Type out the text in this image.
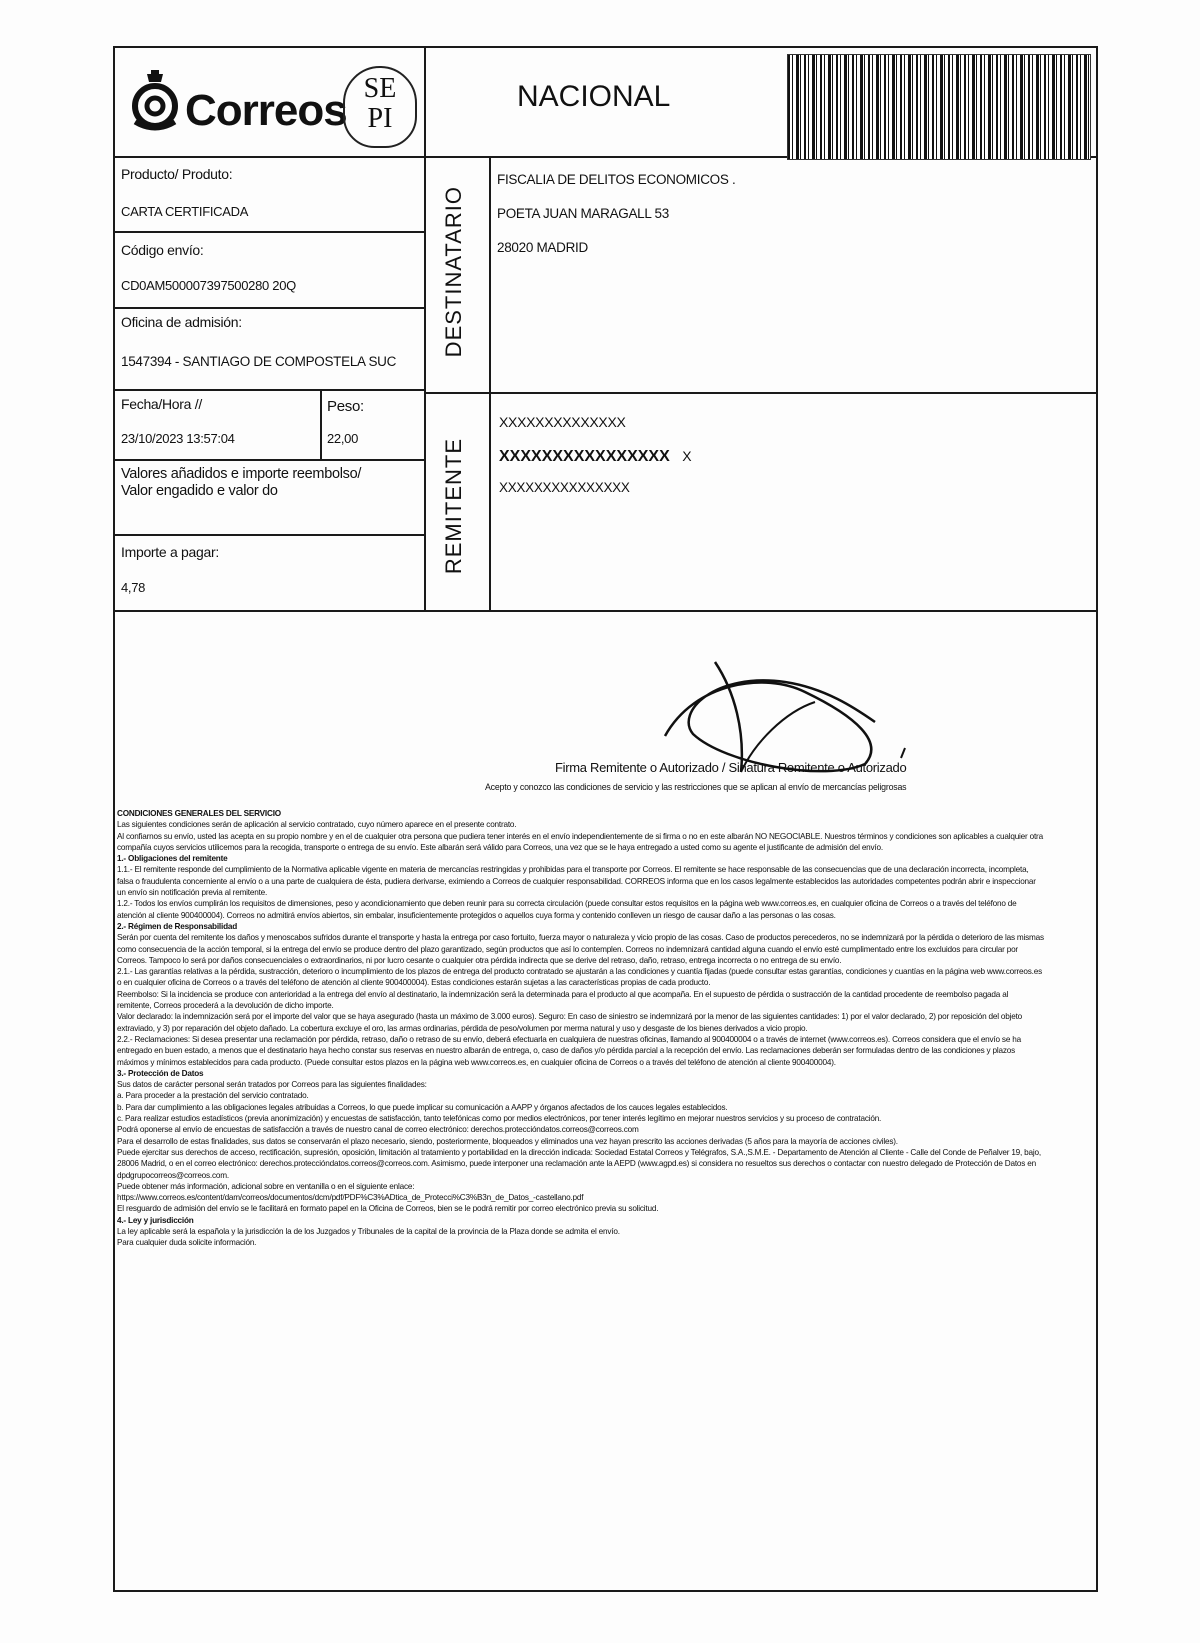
Correos SE
PI
NACIONAL
Producto/ Produto:
CARTA CERTIFICADA
Código envío:
CD0AM500007397500280 20Q
Oficina de admisión:
1547394 - SANTIAGO DE COMPOSTELA SUC
Fecha/Hora //
23/10/2023 13:57:04
Peso:
22,00
Valores añadidos e importe reembolso/
Valor engadido e valor do
Importe a pagar:
4,78
DESTINATARIO
REMITENTE
FISCALIA DE DELITOS ECONOMICOS .
POETA JUAN MARAGALL 53
28020 MADRID
XXXXXXXXXXXXXX
XXXXXXXXXXXXXXXX X
XXXXXXXXXXXXXXX
Firma Remitente o Autorizado / Sinatura Remitente o Autorizado
Acepto y conozco las condiciones de servicio y las restricciones que se aplican al envío de mercancías peligrosas
CONDICIONES GENERALES DEL SERVICIO
Las siguientes condiciones serán de aplicación al servicio contratado, cuyo número aparece en el presente contrato.
Al confiarnos su envío, usted las acepta en su propio nombre y en el de cualquier otra persona que pudiera tener interés en el envío independientemente de si firma o no en este albarán NO NEGOCIABLE. Nuestros términos y condiciones son aplicables a cualquier otra compañía cuyos servicios utilicemos para la recogida, transporte o entrega de su envío. Este albarán será válido para Correos, una vez que se le haya entregado a usted como su agente el justificante de admisión del envío.
1.- Obligaciones del remitente
1.1.- El remitente responde del cumplimiento de la Normativa aplicable vigente en materia de mercancías restringidas y prohibidas para el transporte por Correos. El remitente se hace responsable de las consecuencias que de una declaración incorrecta, incompleta, falsa o fraudulenta concerniente al envío o a una parte de cualquiera de ésta, pudiera derivarse, eximiendo a Correos de cualquier responsabilidad. CORREOS informa que en los casos legalmente establecidos las autoridades competentes podrán abrir e inspeccionar un envío sin notificación previa al remitente.
1.2.- Todos los envíos cumplirán los requisitos de dimensiones, peso y acondicionamiento que deben reunir para su correcta circulación (puede consultar estos requisitos en la página web www.correos.es, en cualquier oficina de Correos o a través del teléfono de atención al cliente 900400004). Correos no admitirá envíos abiertos, sin embalar, insuficientemente protegidos o aquellos cuya forma y contenido conlleven un riesgo de causar daño a las personas o las cosas.
2.- Régimen de Responsabilidad
Serán por cuenta del remitente los daños y menoscabos sufridos durante el transporte y hasta la entrega por caso fortuito, fuerza mayor o naturaleza y vicio propio de las cosas. Caso de productos perecederos, no se indemnizará por la pérdida o deterioro de las mismas como consecuencia de la acción temporal, si la entrega del envío se produce dentro del plazo garantizado, según productos que así lo contemplen. Correos no indemnizará cantidad alguna cuando el envío esté cumplimentado entre los excluidos para circular por Correos. Tampoco lo será por daños consecuenciales o extraordinarios, ni por lucro cesante o cualquier otra pérdida indirecta que se derive del retraso, daño, retraso, entrega incorrecta o no entrega de su envío.
2.1.- Las garantías relativas a la pérdida, sustracción, deterioro o incumplimiento de los plazos de entrega del producto contratado se ajustarán a las condiciones y cuantía fijadas (puede consultar estas garantías, condiciones y cuantías en la página web www.correos.es o en cualquier oficina de Correos o a través del teléfono de atención al cliente 900400004). Estas condiciones estarán sujetas a las características propias de cada producto.
Reembolso: Si la incidencia se produce con anterioridad a la entrega del envío al destinatario, la indemnización será la determinada para el producto al que acompaña. En el supuesto de pérdida o sustracción de la cantidad procedente de reembolso pagada al remitente, Correos procederá a la devolución de dicho importe.
Valor declarado: la indemnización será por el importe del valor que se haya asegurado (hasta un máximo de 3.000 euros). Seguro: En caso de siniestro se indemnizará por la menor de las siguientes cantidades: 1) por el valor declarado, 2) por reposición del objeto extraviado, y 3) por reparación del objeto dañado. La cobertura excluye el oro, las armas ordinarias, pérdida de peso/volumen por merma natural y uso y desgaste de los bienes derivados a vicio propio.
2.2.- Reclamaciones: Si desea presentar una reclamación por pérdida, retraso, daño o retraso de su envío, deberá efectuarla en cualquiera de nuestras oficinas, llamando al 900400004 o a través de internet (www.correos.es). Correos considera que el envío se ha entregado en buen estado, a menos que el destinatario haya hecho constar sus reservas en nuestro albarán de entrega, o, caso de daños y/o pérdida parcial a la recepción del envío. Las reclamaciones deberán ser formuladas dentro de las condiciones y plazos máximos y mínimos establecidos para cada producto. (Puede consultar estos plazos en la página web www.correos.es, en cualquier oficina de Correos o a través del teléfono de atención al cliente 900400004).
3.- Protección de Datos
Sus datos de carácter personal serán tratados por Correos para las siguientes finalidades:
a. Para proceder a la prestación del servicio contratado.
b. Para dar cumplimiento a las obligaciones legales atribuidas a Correos, lo que puede implicar su comunicación a AAPP y órganos afectados de los cauces legales establecidos.
c. Para realizar estudios estadísticos (previa anonimización) y encuestas de satisfacción, tanto telefónicas como por medios electrónicos, por tener interés legítimo en mejorar nuestros servicios y su proceso de contratación.
Podrá oponerse al envío de encuestas de satisfacción a través de nuestro canal de correo electrónico: derechos.proteccióndatos.correos@correos.com
Para el desarrollo de estas finalidades, sus datos se conservarán el plazo necesario, siendo, posteriormente, bloqueados y eliminados una vez hayan prescrito las acciones derivadas (5 años para la mayoría de acciones civiles).
Puede ejercitar sus derechos de acceso, rectificación, supresión, oposición, limitación al tratamiento y portabilidad en la dirección indicada: Sociedad Estatal Correos y Telégrafos, S.A.,S.M.E. - Departamento de Atención al Cliente - Calle del Conde de Peñalver 19, bajo, 28006 Madrid, o en el correo electrónico: derechos.proteccióndatos.correos@correos.com. Asimismo, puede interponer una reclamación ante la AEPD (www.agpd.es) si considera no resueltos sus derechos o contactar con nuestro delegado de Protección de Datos en dpdgrupocorreos@correos.com.
Puede obtener más información, adicional sobre en ventanilla o en el siguiente enlace:
https://www.correos.es/content/dam/correos/documentos/dcm/pdf/PDF%C3%ADtica_de_Protecci%C3%B3n_de_Datos_-castellano.pdf
El resguardo de admisión del envío se le facilitará en formato papel en la Oficina de Correos, bien se le podrá remitir por correo electrónico previa su solicitud.
4.- Ley y jurisdicción
La ley aplicable será la española y la jurisdicción la de los Juzgados y Tribunales de la capital de la provincia de la Plaza donde se admita el envío.
Para cualquier duda solicite información.
